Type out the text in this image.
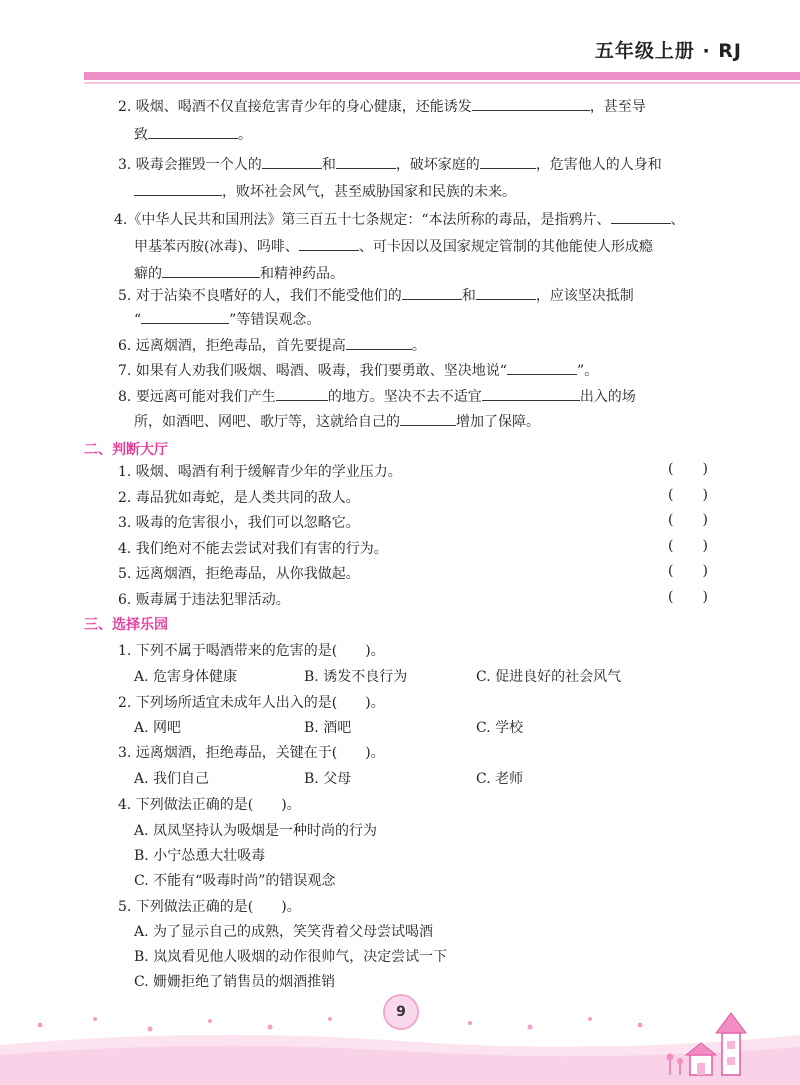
五年级上册 · RJ
2. 吸烟、喝酒不仅直接危害青少年的身心健康，还能诱发	，甚至导
致	。
3. 吸毒会摧毁一个人的	和	，破坏家庭的	，危害他人的人身和
，败坏社会风气，甚至威胁国家和民族的未来。
4.《中华人民共和国刑法》第三百五十七条规定：“本法所称的毒品，是指鸦片、	、
甲基苯丙胺(冰毒)、吗啡、	、可卡因以及国家规定管制的其他能使人形成瘾
癖的	和精神药品。
5. 对于沾染不良嗜好的人，我们不能受他们的	和	，应该坚决抵制
“	”等错误观念。
6. 远离烟酒，拒绝毒品，首先要提高	。
7. 如果有人劝我们吸烟、喝酒、吸毒，我们要勇敢、坚决地说“	”。
8. 要远离可能对我们产生	的地方。坚决不去不适宜	出入的场
所，如酒吧、网吧、歌厅等，这就给自己的	增加了保障。
二、判断大厅
1. 吸烟、喝酒有利于缓解青少年的学业压力。	( )
2. 毒品犹如毒蛇，是人类共同的敌人。	( )
3. 吸毒的危害很小，我们可以忽略它。	( )
4. 我们绝对不能去尝试对我们有害的行为。	( )
5. 远离烟酒，拒绝毒品，从你我做起。	( )
6. 贩毒属于违法犯罪活动。	( )
三、选择乐园
1. 下列不属于喝酒带来的危害的是(　　)。
A. 危害身体健康	B. 诱发不良行为	C. 促进良好的社会风气
2. 下列场所适宜未成年人出入的是(　　)。
A. 网吧	B. 酒吧	C. 学校
3. 远离烟酒，拒绝毒品，关键在于(　　)。
A. 我们自己	B. 父母	C. 老师
4. 下列做法正确的是(　　)。
A. 凤凤坚持认为吸烟是一种时尚的行为
B. 小宁怂恿大壮吸毒
C. 不能有“吸毒时尚”的错误观念
5. 下列做法正确的是(　　)。
A. 为了显示自己的成熟，笑笑背着父母尝试喝酒
B. 岚岚看见他人吸烟的动作很帅气，决定尝试一下
C. 姗姗拒绝了销售员的烟酒推销
9
